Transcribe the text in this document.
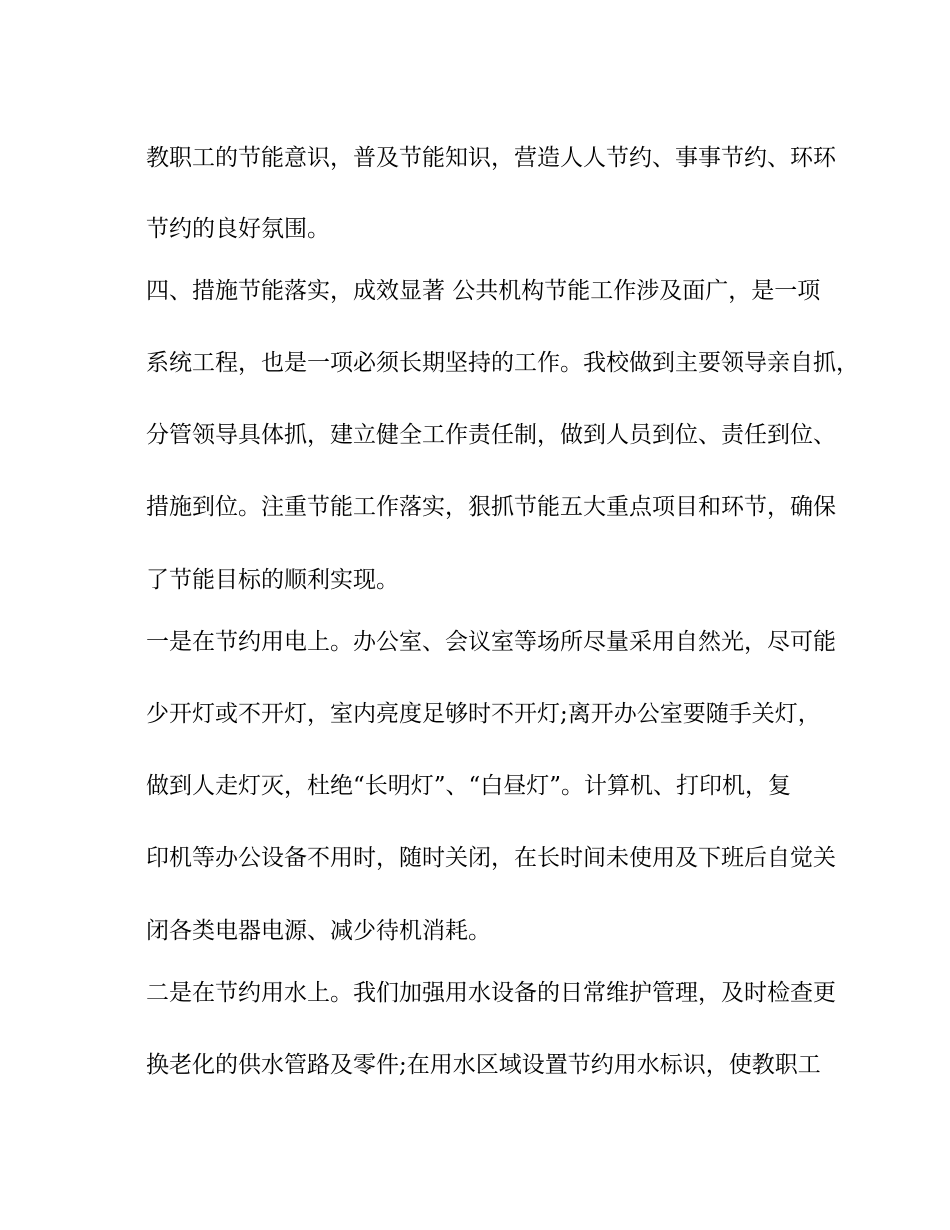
教职工的节能意识，普及节能知识，营造人人节约、事事节约、环环

节约的良好氛围。

四、措施节能落实，成效显著 公共机构节能工作涉及面广，是一项

系统工程，也是一项必须长期坚持的工作。我校做到主要领导亲自抓，

分管领导具体抓，建立健全工作责任制，做到人员到位、责任到位、

措施到位。注重节能工作落实，狠抓节能五大重点项目和环节，确保

了节能目标的顺利实现。

一是在节约用电上。办公室、会议室等场所尽量采用自然光，尽可能

少开灯或不开灯，室内亮度足够时不开灯;离开办公室要随手关灯，

做到人走灯灭，杜绝“长明灯”、“白昼灯”。计算机、打印机，复

印机等办公设备不用时，随时关闭，在长时间未使用及下班后自觉关

闭各类电器电源、减少待机消耗。

二是在节约用水上。我们加强用水设备的日常维护管理，及时检查更

换老化的供水管路及零件;在用水区域设置节约用水标识，使教职工
